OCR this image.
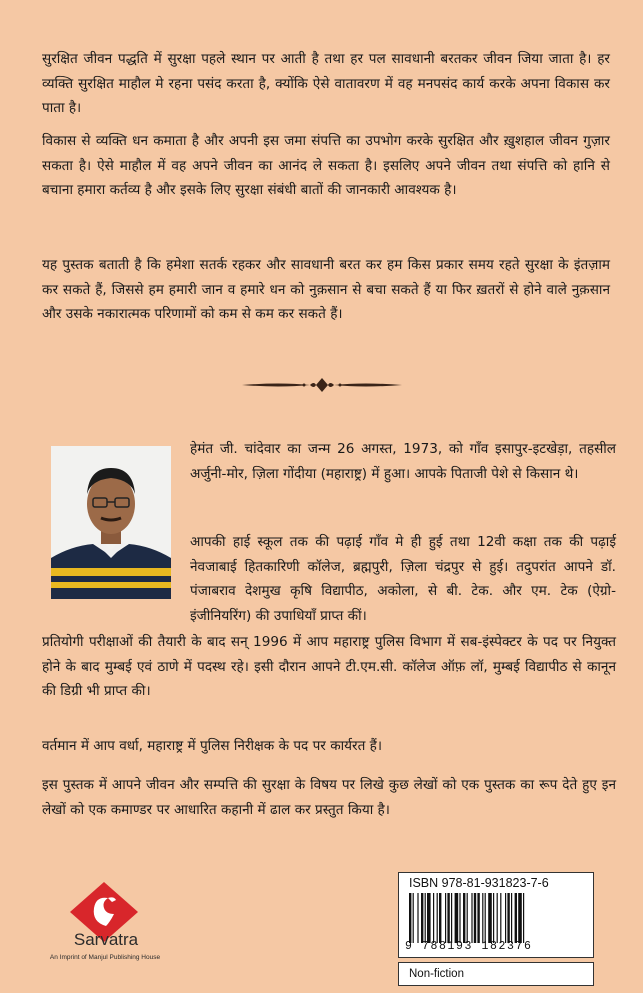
सुरक्षित जीवन पद्धति में सुरक्षा पहले स्थान पर आती है तथा हर पल सावधानी बरतकर जीवन जिया जाता है। हर व्यक्ति सुरक्षित माहौल मे रहना पसंद करता है, क्योंकि ऐसे वातावरण में वह मनपसंद कार्य करके अपना विकास कर पाता है।
विकास से व्यक्ति धन कमाता है और अपनी इस जमा संपत्ति का उपभोग करके सुरक्षित और ख़ुशहाल जीवन गुज़ार सकता है। ऐसे माहौल में वह अपने जीवन का आनंद ले सकता है। इसलिए अपने जीवन तथा संपत्ति को हानि से बचाना हमारा कर्तव्य है और इसके लिए सुरक्षा संबंधी बातों की जानकारी आवश्यक है।
यह पुस्तक बताती है कि हमेशा सतर्क रहकर और सावधानी बरत कर हम किस प्रकार समय रहते सुरक्षा के इंतज़ाम कर सकते हैं, जिससे हम हमारी जान व हमारे धन को नुक़सान से बचा सकते हैं या फिर ख़तरों से होने वाले नुक़सान और उसके नकारात्मक परिणामों को कम से कम कर सकते हैं।
हेमंत जी. चांदेवार का जन्म 26 अगस्त, 1973, को गाँव इसापुर-इटखेड़ा, तहसील अर्जुनी-मोर, ज़िला गोंदीया (महाराष्ट्र) में हुआ। आपके पिताजी पेशे से किसान थे।
आपकी हाई स्कूल तक की पढ़ाई गाँव मे ही हुई तथा 12वी कक्षा तक की पढ़ाई नेवजाबाई हितकारिणी कॉलेज, ब्रह्मपुरी, ज़िला चंद्रपुर से हुई। तदुपरांत आपने डॉ. पंजाबराव देशमुख कृषि विद्यापीठ, अकोला, से बी. टेक. और एम. टेक (ऐग्रो-इंजीनियरिंग) की उपाधियाँ प्राप्त कीं।
प्रतियोगी परीक्षाओं की तैयारी के बाद सन् 1996 में आप महाराष्ट्र पुलिस विभाग में सब-इंस्पेक्टर के पद पर नियुक्त होने के बाद मुम्बई एवं ठाणे में पदस्थ रहे। इसी दौरान आपने टी.एम.सी. कॉलेज ऑफ़ लॉ, मुम्बई विद्यापीठ से कानून की डिग्री भी प्राप्त की।
वर्तमान में आप वर्धा, महाराष्ट्र में पुलिस निरीक्षक के पद पर कार्यरत हैं।
इस पुस्तक में आपने जीवन और सम्पत्ति की सुरक्षा के विषय पर लिखे कुछ लेखों को एक पुस्तक का रूप देते हुए इन लेखों को एक कमाण्डर पर आधारित कहानी में ढाल कर प्रस्तुत किया है।
Sarvatra
An Imprint of Manjul Publishing House
ISBN 978-81-931823-7-6
9 788193 182376
Non-fiction
